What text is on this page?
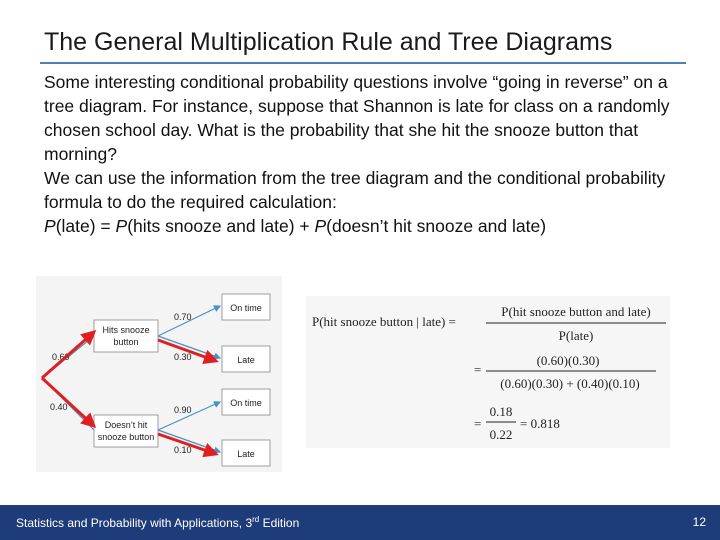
The General Multiplication Rule and Tree Diagrams

Some interesting conditional probability questions involve “going in reverse” on a tree diagram. For instance, suppose that Shannon is late for class on a randomly chosen school day. What is the probability that she hit the snooze button that morning?

We can use the information from the tree diagram and the conditional probability formula to do the required calculation:

P(late) = P(hits snooze and late) + P(doesn’t hit snooze and late)

Hits snooze
button
Doesn’t hit
snooze button
0.60
0.40
On time
Late
On time
Late
0.70
0.30
0.90
0.10
P(hit snooze button | late) =
P(hit snooze button and late)
P(late)
=
(0.60)(0.30)
(0.60)(0.30) + (0.40)(0.10)
=
0.18
0.22
= 0.818
Statistics and Probability with Applications, 3rd Edition	12
